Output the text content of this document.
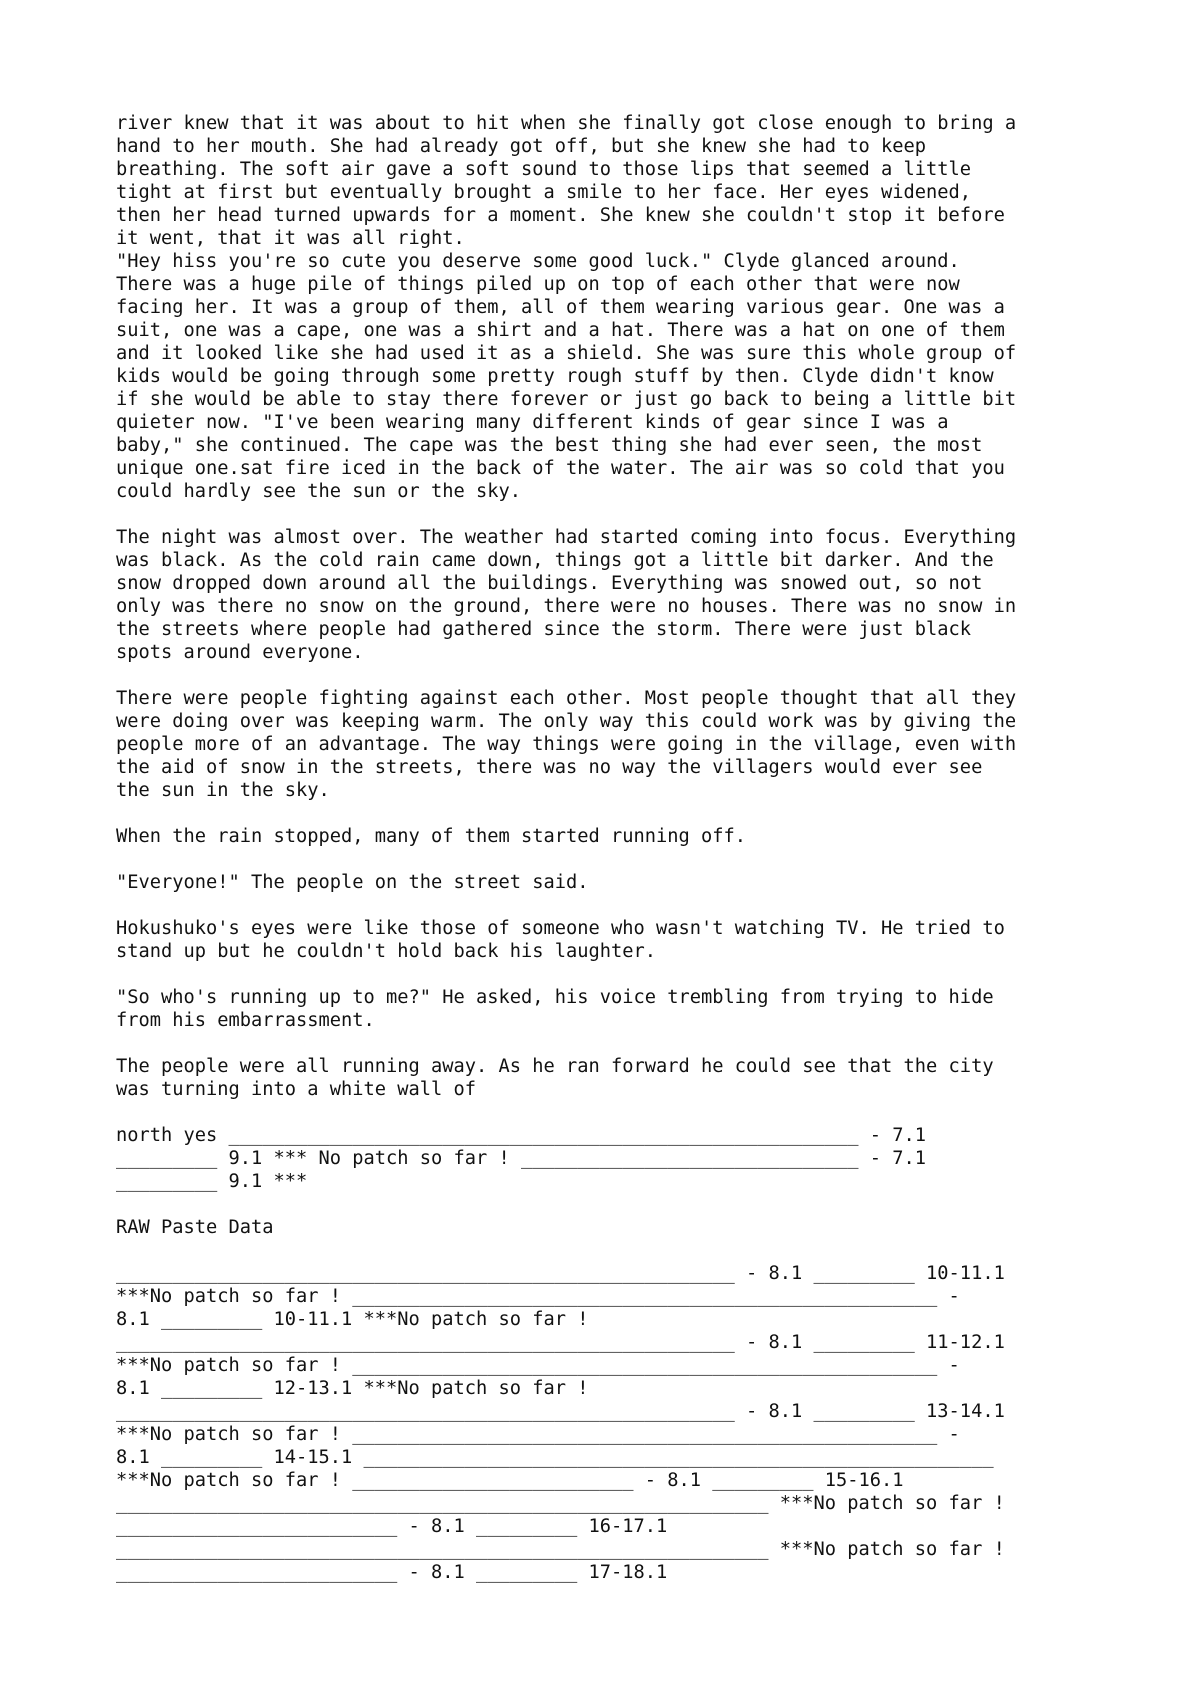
river knew that it was about to hit when she finally got close enough to bring a
hand to her mouth. She had already got off, but she knew she had to keep
breathing. The soft air gave a soft sound to those lips that seemed a little
tight at first but eventually brought a smile to her face. Her eyes widened,
then her head turned upwards for a moment. She knew she couldn't stop it before
it went, that it was all right.
"Hey hiss you're so cute you deserve some good luck." Clyde glanced around.
There was a huge pile of things piled up on top of each other that were now
facing her. It was a group of them, all of them wearing various gear. One was a
suit, one was a cape, one was a shirt and a hat. There was a hat on one of them
and it looked like she had used it as a shield. She was sure this whole group of
kids would be going through some pretty rough stuff by then. Clyde didn't know
if she would be able to stay there forever or just go back to being a little bit
quieter now. "I've been wearing many different kinds of gear since I was a
baby," she continued. The cape was the best thing she had ever seen, the most
unique one.sat fire iced in the back of the water. The air was so cold that you
could hardly see the sun or the sky.

The night was almost over. The weather had started coming into focus. Everything
was black. As the cold rain came down, things got a little bit darker. And the
snow dropped down around all the buildings. Everything was snowed out, so not
only was there no snow on the ground, there were no houses. There was no snow in
the streets where people had gathered since the storm. There were just black
spots around everyone.

There were people fighting against each other. Most people thought that all they
were doing over was keeping warm. The only way this could work was by giving the
people more of an advantage. The way things were going in the village, even with
the aid of snow in the streets, there was no way the villagers would ever see
the sun in the sky.

When the rain stopped, many of them started running off.

"Everyone!" The people on the street said.

Hokushuko's eyes were like those of someone who wasn't watching TV. He tried to
stand up but he couldn't hold back his laughter.

"So who's running up to me?" He asked, his voice trembling from trying to hide
from his embarrassment.

The people were all running away. As he ran forward he could see that the city
was turning into a white wall of

north yes ________________________________________________________ - 7.1
_________ 9.1 *** No patch so far ! ______________________________ - 7.1
_________ 9.1 ***

RAW Paste Data

_______________________________________________________ - 8.1 _________ 10-11.1
***No patch so far ! ____________________________________________________ -
8.1 _________ 10-11.1 ***No patch so far !
_______________________________________________________ - 8.1 _________ 11-12.1
***No patch so far ! ____________________________________________________ -
8.1 _________ 12-13.1 ***No patch so far !
_______________________________________________________ - 8.1 _________ 13-14.1
***No patch so far ! ____________________________________________________ -
8.1 _________ 14-15.1 ________________________________________________________
***No patch so far ! _________________________ - 8.1 _________ 15-16.1
__________________________________________________________ ***No patch so far !
_________________________ - 8.1 _________ 16-17.1
__________________________________________________________ ***No patch so far !
_________________________ - 8.1 _________ 17-18.1
